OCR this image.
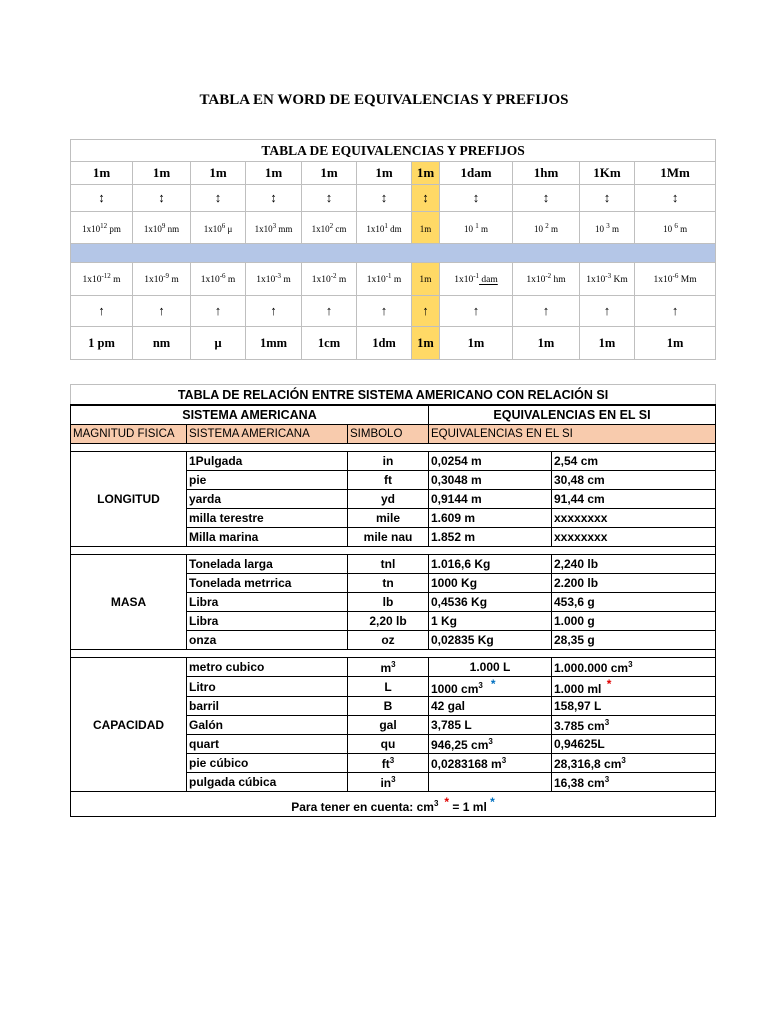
TABLA EN WORD DE EQUIVALENCIAS Y PREFIJOS
TABLA DE EQUIVALENCIAS Y PREFIJOS										
1m	1m	1m	1m	1m	1m	1m	1dam	1hm	1Km	1Mm
↕	↕	↕	↕	↕	↕	↕	↕	↕	↕	↕
$1x10^{12}$ pm	$1x10^9$ nm	$1x10^6$ μ	$1x10^3$ mm	$1x10^2$ cm	$1x10^1$ dm	1m	10 $^1$ m	10 $^2$ m	10 $^3$ m	10 $^6$ m

$1x10^{-12}$ m	$1x10^{-9}$ m	$1x10^{-6}$ m	$1x10^{-3}$ m	$1x10^{-2}$ m	$1x10^{-1}$ m	1m	$1x10^{-1}$ dam	$1x10^{-2}$ hm	$1x10^{-3}$ Km	$1x10^{-6}$ Mm
↑	↑	↑	↑	↑	↑	↑	↑	↑	↑	↑
1 pm	nm	μ	1mm	1cm	1dm	1m	1m	1m	1m	1m
TABLA DE RELACIÓN ENTRE SISTEMA AMERICANO CON RELACIÓN SI				
SISTEMA AMERICANA			EQUIVALENCIAS EN EL SI	
MAGNITUD FISICA	SISTEMA AMERICANA	SIMBOLO	EQUIVALENCIAS EN EL SI	

LONGITUD	1Pulgada	in	0,0254 m	2,54 cm
	pie	ft	0,3048 m	30,48 cm
	yarda	yd	0,9144 m	91,44 cm
	milla terestre	mile	1.609 m	xxxxxxxx
	Milla marina	mile nau	1.852 m	xxxxxxxx

MASA	Tonelada larga	tnl	1.016,6 Kg	2,240 lb
	Tonelada metrrica	tn	1000 Kg	2.200 lb
	Libra	lb	0,4536 Kg	453,6 g
	Libra	2,20 lb	1 Kg	1.000 g
	onza	oz	0,02835 Kg	28,35 g

CAPACIDAD	metro cubico	$m^3$	1.000 L	1.000.000 $cm^3$
	Litro	L	1000 $cm^3$ *	1.000 ml *
	barril	B	42 gal	158,97 L
	Galón	gal	3,785 L	3.785 $cm^3$
	quart	qu	946,25 $cm^3$	0,94625L
	pie cúbico	$ft^3$	0,0283168 $m^3$	28,316,8 $cm^3$
	pulgada cúbica	$in^3$		16,38 $cm^3$
Para tener en cuenta: $cm^3$ * = 1 ml *				
